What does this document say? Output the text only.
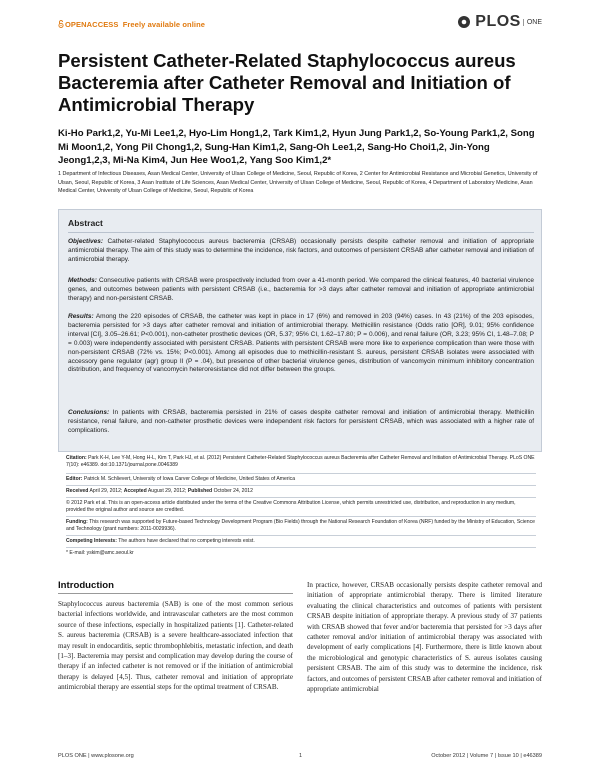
OPENACCESS Freely available online	PLOS ONE
Persistent Catheter-Related Staphylococcus aureus Bacteremia after Catheter Removal and Initiation of Antimicrobial Therapy
Ki-Ho Park1,2, Yu-Mi Lee1,2, Hyo-Lim Hong1,2, Tark Kim1,2, Hyun Jung Park1,2, So-Young Park1,2, Song Mi Moon1,2, Yong Pil Chong1,2, Sung-Han Kim1,2, Sang-Oh Lee1,2, Sang-Ho Choi1,2, Jin-Yong Jeong1,2,3, Mi-Na Kim4, Jun Hee Woo1,2, Yang Soo Kim1,2*
1 Department of Infectious Diseases, Asan Medical Center, University of Ulsan College of Medicine, Seoul, Republic of Korea, 2 Center for Antimicrobial Resistance and Microbial Genetics, University of Ulsan, Seoul, Republic of Korea, 3 Asan Institute of Life Sciences, Asan Medical Center, University of Ulsan College of Medicine, Seoul, Republic of Korea, 4 Department of Laboratory Medicine, Asan Medical Center, University of Ulsan College of Medicine, Seoul, Republic of Korea
Abstract
Objectives: Catheter-related Staphylococcus aureus bacteremia (CRSAB) occasionally persists despite catheter removal and initiation of appropriate antimicrobial therapy. The aim of this study was to determine the incidence, risk factors, and outcomes of persistent CRSAB after catheter removal and initiation of antimicrobial therapy.
Methods: Consecutive patients with CRSAB were prospectively included from over a 41-month period. We compared the clinical features, 40 bacterial virulence genes, and outcomes between patients with persistent CRSAB (i.e., bacteremia for >3 days after catheter removal and initiation of appropriate antimicrobial therapy) and non-persistent CRSAB.
Results: Among the 220 episodes of CRSAB, the catheter was kept in place in 17 (6%) and removed in 203 (94%) cases. In 43 (21%) of the 203 episodes, bacteremia persisted for >3 days after catheter removal and initiation of antimicrobial therapy. Methicillin resistance (Odds ratio [OR], 9.01; 95% confidence interval [CI], 3.05–26.61; P<0.001), non-catheter prosthetic devices (OR, 5.37; 95% CI, 1.62–17.80; P = 0.006), and renal failure (OR, 3.23; 95% CI, 1.48–7.08; P = 0.003) were independently associated with persistent CRSAB. Patients with persistent CRSAB were more like to experience complication than were those with non-persistent CRSAB (72% vs. 15%; P<0.001). Among all episodes due to methicillin-resistant S. aureus, persistent CRSAB isolates were associated with accessory gene regulator (agr) group II (P = .04), but presence of other bacterial virulence genes, distribution of vancomycin minimum inhibitory concentration distribution, and frequency of vancomycin heteroresistance did not differ between the groups.
Conclusions: In patients with CRSAB, bacteremia persisted in 21% of cases despite catheter removal and initiation of antimicrobial therapy. Methicillin resistance, renal failure, and non-catheter prosthetic devices were independent risk factors for persistent CRSAB, which was associated with a higher rate of complications.
Citation: Park K-H, Lee Y-M, Hong H-L, Kim T, Park HJ, et al. (2012) Persistent Catheter-Related Staphylococcus aureus Bacteremia after Catheter Removal and Initiation of Antimicrobial Therapy. PLoS ONE 7(10): e46389. doi:10.1371/journal.pone.0046389
Editor: Patrick M. Schlievert, University of Iowa Carver College of Medicine, United States of America
Received April 29, 2012; Accepted August 29, 2012; Published October 24, 2012
© 2012 Park et al. This is an open-access article distributed under the terms of the Creative Commons Attribution License, which permits unrestricted use, distribution, and reproduction in any medium, provided the original author and source are credited.
Funding: This research was supported by Future-based Technology Development Program (Bio Fields) through the National Research Foundation of Korea (NRF) funded by the Ministry of Education, Science and Technology (grant numbers: 2011-0029936).
Competing Interests: The authors have declared that no competing interests exist.
* E-mail: yskim@amc.seoul.kr
Introduction
Staphylococcus aureus bacteremia (SAB) is one of the most common serious bacterial infections worldwide, and intravascular catheters are the most common source of these infections, especially in hospitalized patients [1]. Catheter-related S. aureus bacteremia (CRSAB) is a severe healthcare-associated infection that may result in endocarditis, septic thrombophlebitis, metastatic infection, and death [1–3]. Bacteremia may persist and complication may develop during the course of therapy if an infected catheter is not removed or if the initiation of antimicrobial therapy is delayed [4,5]. Thus, catheter removal and initiation of appropriate antimicrobial therapy are essential steps for the optimal treatment of CRSAB.
In practice, however, CRSAB occasionally persists despite catheter removal and initiation of appropriate antimicrobial therapy. There is limited literature evaluating the clinical characteristics and outcomes of patients with persistent CRSAB despite initiation of appropriate therapy. A previous study of 37 patients with CRSAB showed that fever and/or bacteremia that persisted for >3 days after catheter removal and/or initiation of antimicrobial therapy was associated with development of early complications [4]. Furthermore, there is little known about the microbiological and genotypic characteristics of S. aureus isolates causing persistent CRSAB. The aim of this study was to determine the incidence, risk factors, and outcomes of persistent CRSAB after catheter removal and initiation of appropriate antimicrobial
PLOS ONE | www.plosone.org	1	October 2012 | Volume 7 | Issue 10 | e46389
